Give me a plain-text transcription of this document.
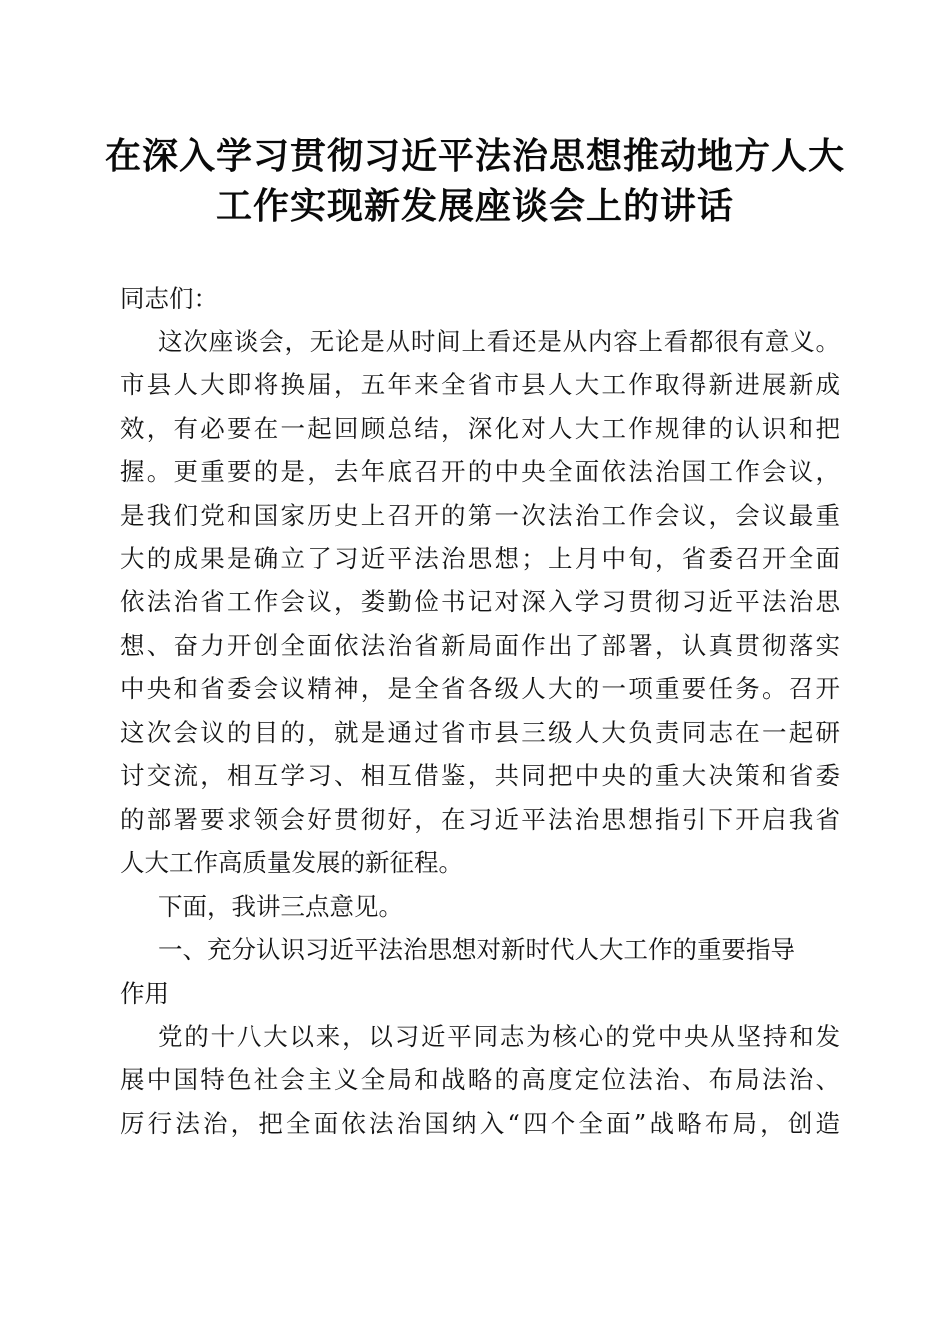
在深入学习贯彻习近平法治思想推动地方人大
工作实现新发展座谈会上的讲话
同志们：
这次座谈会，无论是从时间上看还是从内容上看都很有意义。
市县人大即将换届，五年来全省市县人大工作取得新进展新成
效，有必要在一起回顾总结，深化对人大工作规律的认识和把
握。更重要的是，去年底召开的中央全面依法治国工作会议，
是我们党和国家历史上召开的第一次法治工作会议，会议最重
大的成果是确立了习近平法治思想；上月中旬，省委召开全面
依法治省工作会议，娄勤俭书记对深入学习贯彻习近平法治思
想、奋力开创全面依法治省新局面作出了部署，认真贯彻落实
中央和省委会议精神，是全省各级人大的一项重要任务。召开
这次会议的目的，就是通过省市县三级人大负责同志在一起研
讨交流，相互学习、相互借鉴，共同把中央的重大决策和省委
的部署要求领会好贯彻好，在习近平法治思想指引下开启我省
人大工作高质量发展的新征程。
下面，我讲三点意见。
一、充分认识习近平法治思想对新时代人大工作的重要指导
作用
党的十八大以来，以习近平同志为核心的党中央从坚持和发
展中国特色社会主义全局和战略的高度定位法治、布局法治、
厉行法治，把全面依法治国纳入“四个全面”战略布局，创造
